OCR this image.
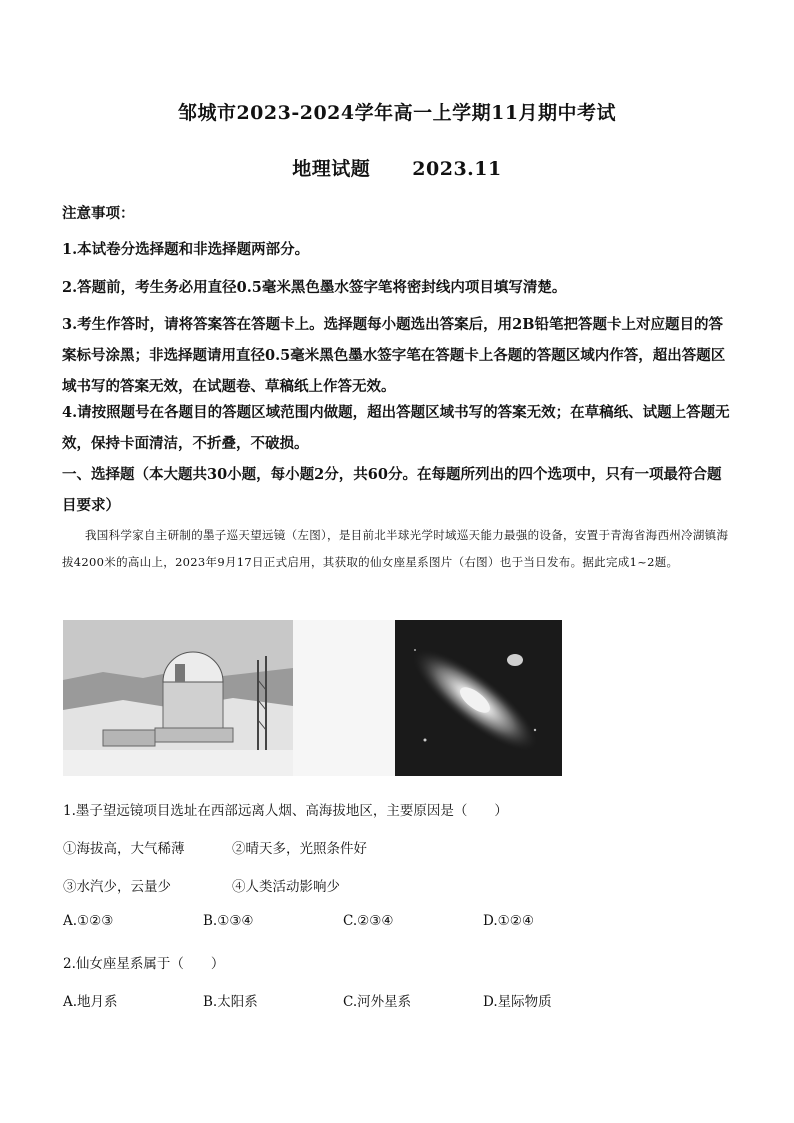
邹城市2023-2024学年高一上学期11月期中考试
地理试题 2023.11
注意事项：
1.本试卷分选择题和非选择题两部分。
2.答题前，考生务必用直径0.5毫米黑色墨水签字笔将密封线内项目填写清楚。
3.考生作答时，请将答案答在答题卡上。选择题每小题选出答案后，用2B铅笔把答题卡上对应题目的答案标号涂黑；非选择题请用直径0.5毫米黑色墨水签字笔在答题卡上各题的答题区域内作答，超出答题区域书写的答案无效，在试题卷、草稿纸上作答无效。
4.请按照题号在各题目的答题区域范围内做题，超出答题区域书写的答案无效；在草稿纸、试题上答题无效，保持卡面清洁，不折叠，不破损。
一、选择题（本大题共30小题，每小题2分，共60分。在每题所列出的四个选项中，只有一项最符合题目要求）
我国科学家自主研制的墨子巡天望远镜（左图），是目前北半球光学时域巡天能力最强的设备，安置于青海省海西州冷湖镇海拔4200米的高山上，2023年9月17日正式启用，其获取的仙女座星系图片（右图）也于当日发布。据此完成1~2题。
1.墨子望远镜项目选址在西部远离人烟、高海拔地区，主要原因是（　　）
①海拔高，大气稀薄	②晴天多，光照条件好
③水汽少，云量少	④人类活动影响少
A.①②③	B.①③④	C.②③④	D.①②④
2.仙女座星系属于（　　）
A.地月系	B.太阳系	C.河外星系	D.星际物质
